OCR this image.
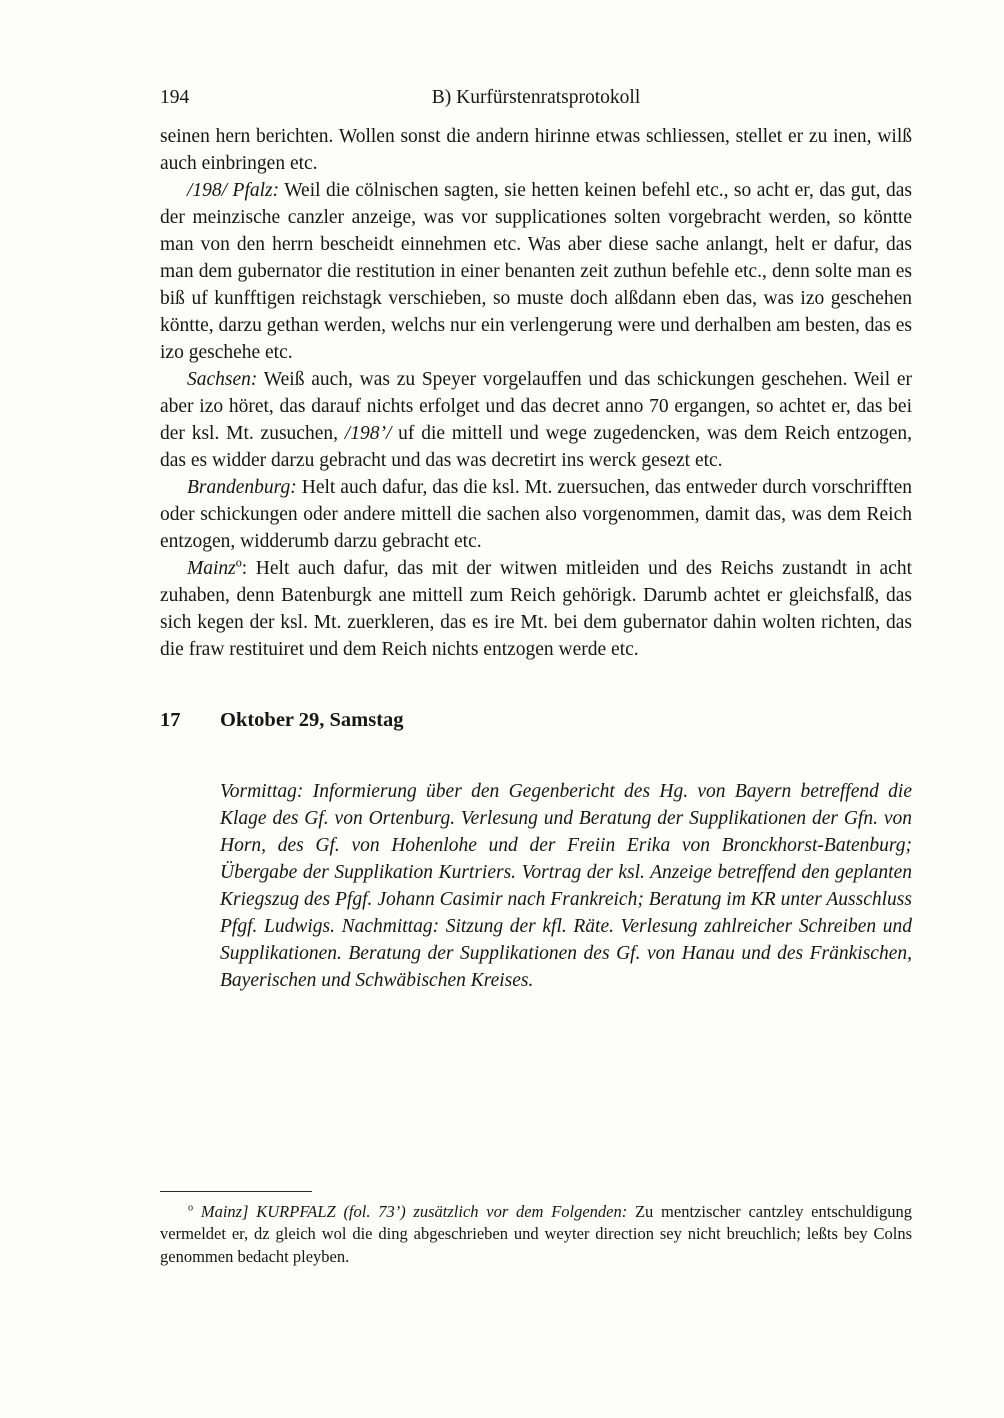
194	B) Kurfürstenratsprotokoll

seinen hern berichten. Wollen sonst die andern hirinne etwas schliessen, stellet er zu inen, wilß auch einbringen etc.

/198/ Pfalz: Weil die cölnischen sagten, sie hetten keinen befehl etc., so acht er, das gut, das der meinzische canzler anzeige, was vor supplicationes solten vorgebracht werden, so köntte man von den herrn bescheidt einnehmen etc. Was aber diese sache anlangt, helt er dafur, das man dem gubernator die restitution in einer benanten zeit zuthun befehle etc., denn solte man es biß uf kunfftigen reichstagk verschieben, so muste doch alßdann eben das, was izo geschehen köntte, darzu gethan werden, welchs nur ein verlengerung were und derhalben am besten, das es izo geschehe etc.

Sachsen: Weiß auch, was zu Speyer vorgelauffen und das schickungen geschehen. Weil er aber izo höret, das darauf nichts erfolget und das decret anno 70 ergangen, so achtet er, das bei der ksl. Mt. zusuchen, /198’/ uf die mittell und wege zugedencken, was dem Reich entzogen, das es widder darzu gebracht und das was decretirt ins werck gesezt etc.

Brandenburg: Helt auch dafur, das die ksl. Mt. zuersuchen, das entweder durch vorschrifften oder schickungen oder andere mittell die sachen also vorgenommen, damit das, was dem Reich entzogen, widderumb darzu gebracht etc.

Mainz$^o$: Helt auch dafur, das mit der witwen mitleiden und des Reichs zustandt in acht zuhaben, denn Batenburgk ane mittell zum Reich gehörigk. Darumb achtet er gleichsfalß, das sich kegen der ksl. Mt. zuerkleren, das es ire Mt. bei dem gubernator dahin wolten richten, das die fraw restituiret und dem Reich nichts entzogen werde etc.

17	Oktober 29, Samstag
Vormittag: Informierung über den Gegenbericht des Hg. von Bayern betreffend die Klage des Gf. von Ortenburg. Verlesung und Beratung der Supplikationen der Gfn. von Horn, des Gf. von Hohenlohe und der Freiin Erika von Bronckhorst-Batenburg; Übergabe der Supplikation Kurtriers. Vortrag der ksl. Anzeige betreffend den geplanten Kriegszug des Pfgf. Johann Casimir nach Frankreich; Beratung im KR unter Ausschluss Pfgf. Ludwigs. Nachmittag: Sitzung der kfl. Räte. Verlesung zahlreicher Schreiben und Supplikationen. Beratung der Supplikationen des Gf. von Hanau und des Fränkischen, Bayerischen und Schwäbischen Kreises.

$^o$ Mainz] KURPFALZ (fol. 73’) zusätzlich vor dem Folgenden: Zu mentzischer cantzley entschuldigung vermeldet er, dz gleich wol die ding abgeschrieben und weyter direction sey nicht breuchlich; leßts bey Colns genommen bedacht pleyben.
